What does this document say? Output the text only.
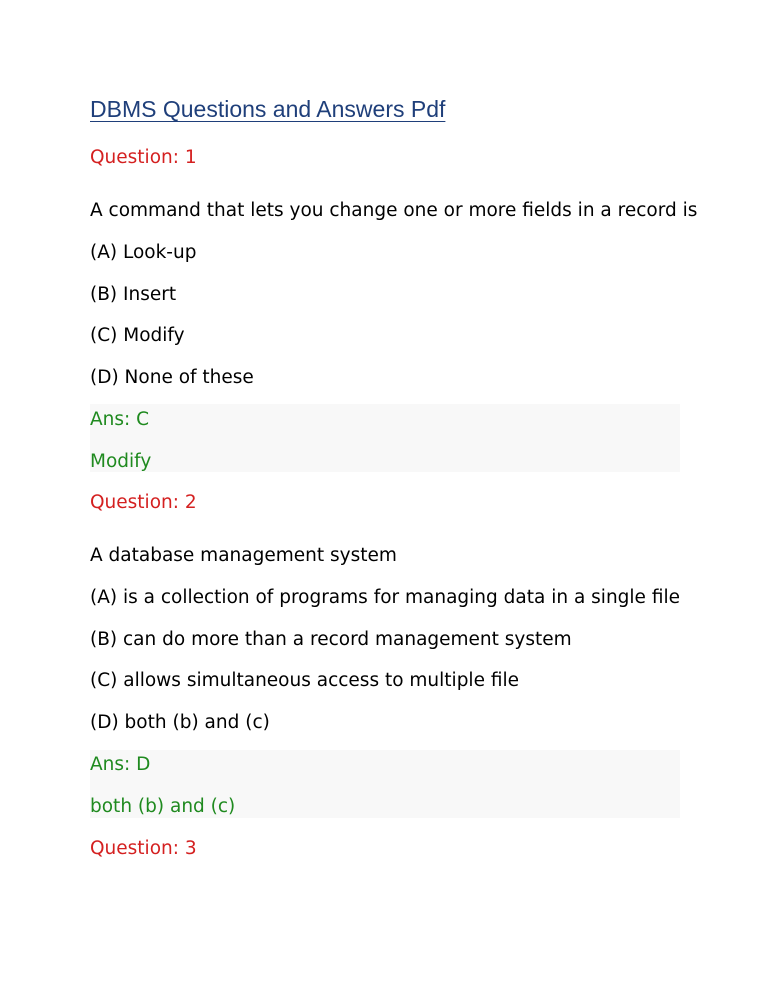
DBMS Questions and Answers Pdf
Question: 1
A command that lets you change one or more fields in a record is
(A) Look-up
(B) Insert
(C) Modify
(D) None of these
Ans: C
Modify
Question: 2
A database management system
(A) is a collection of programs for managing data in a single file
(B) can do more than a record management system
(C) allows simultaneous access to multiple file
(D) both (b) and (c)
Ans: D
both (b) and (c)
Question: 3
